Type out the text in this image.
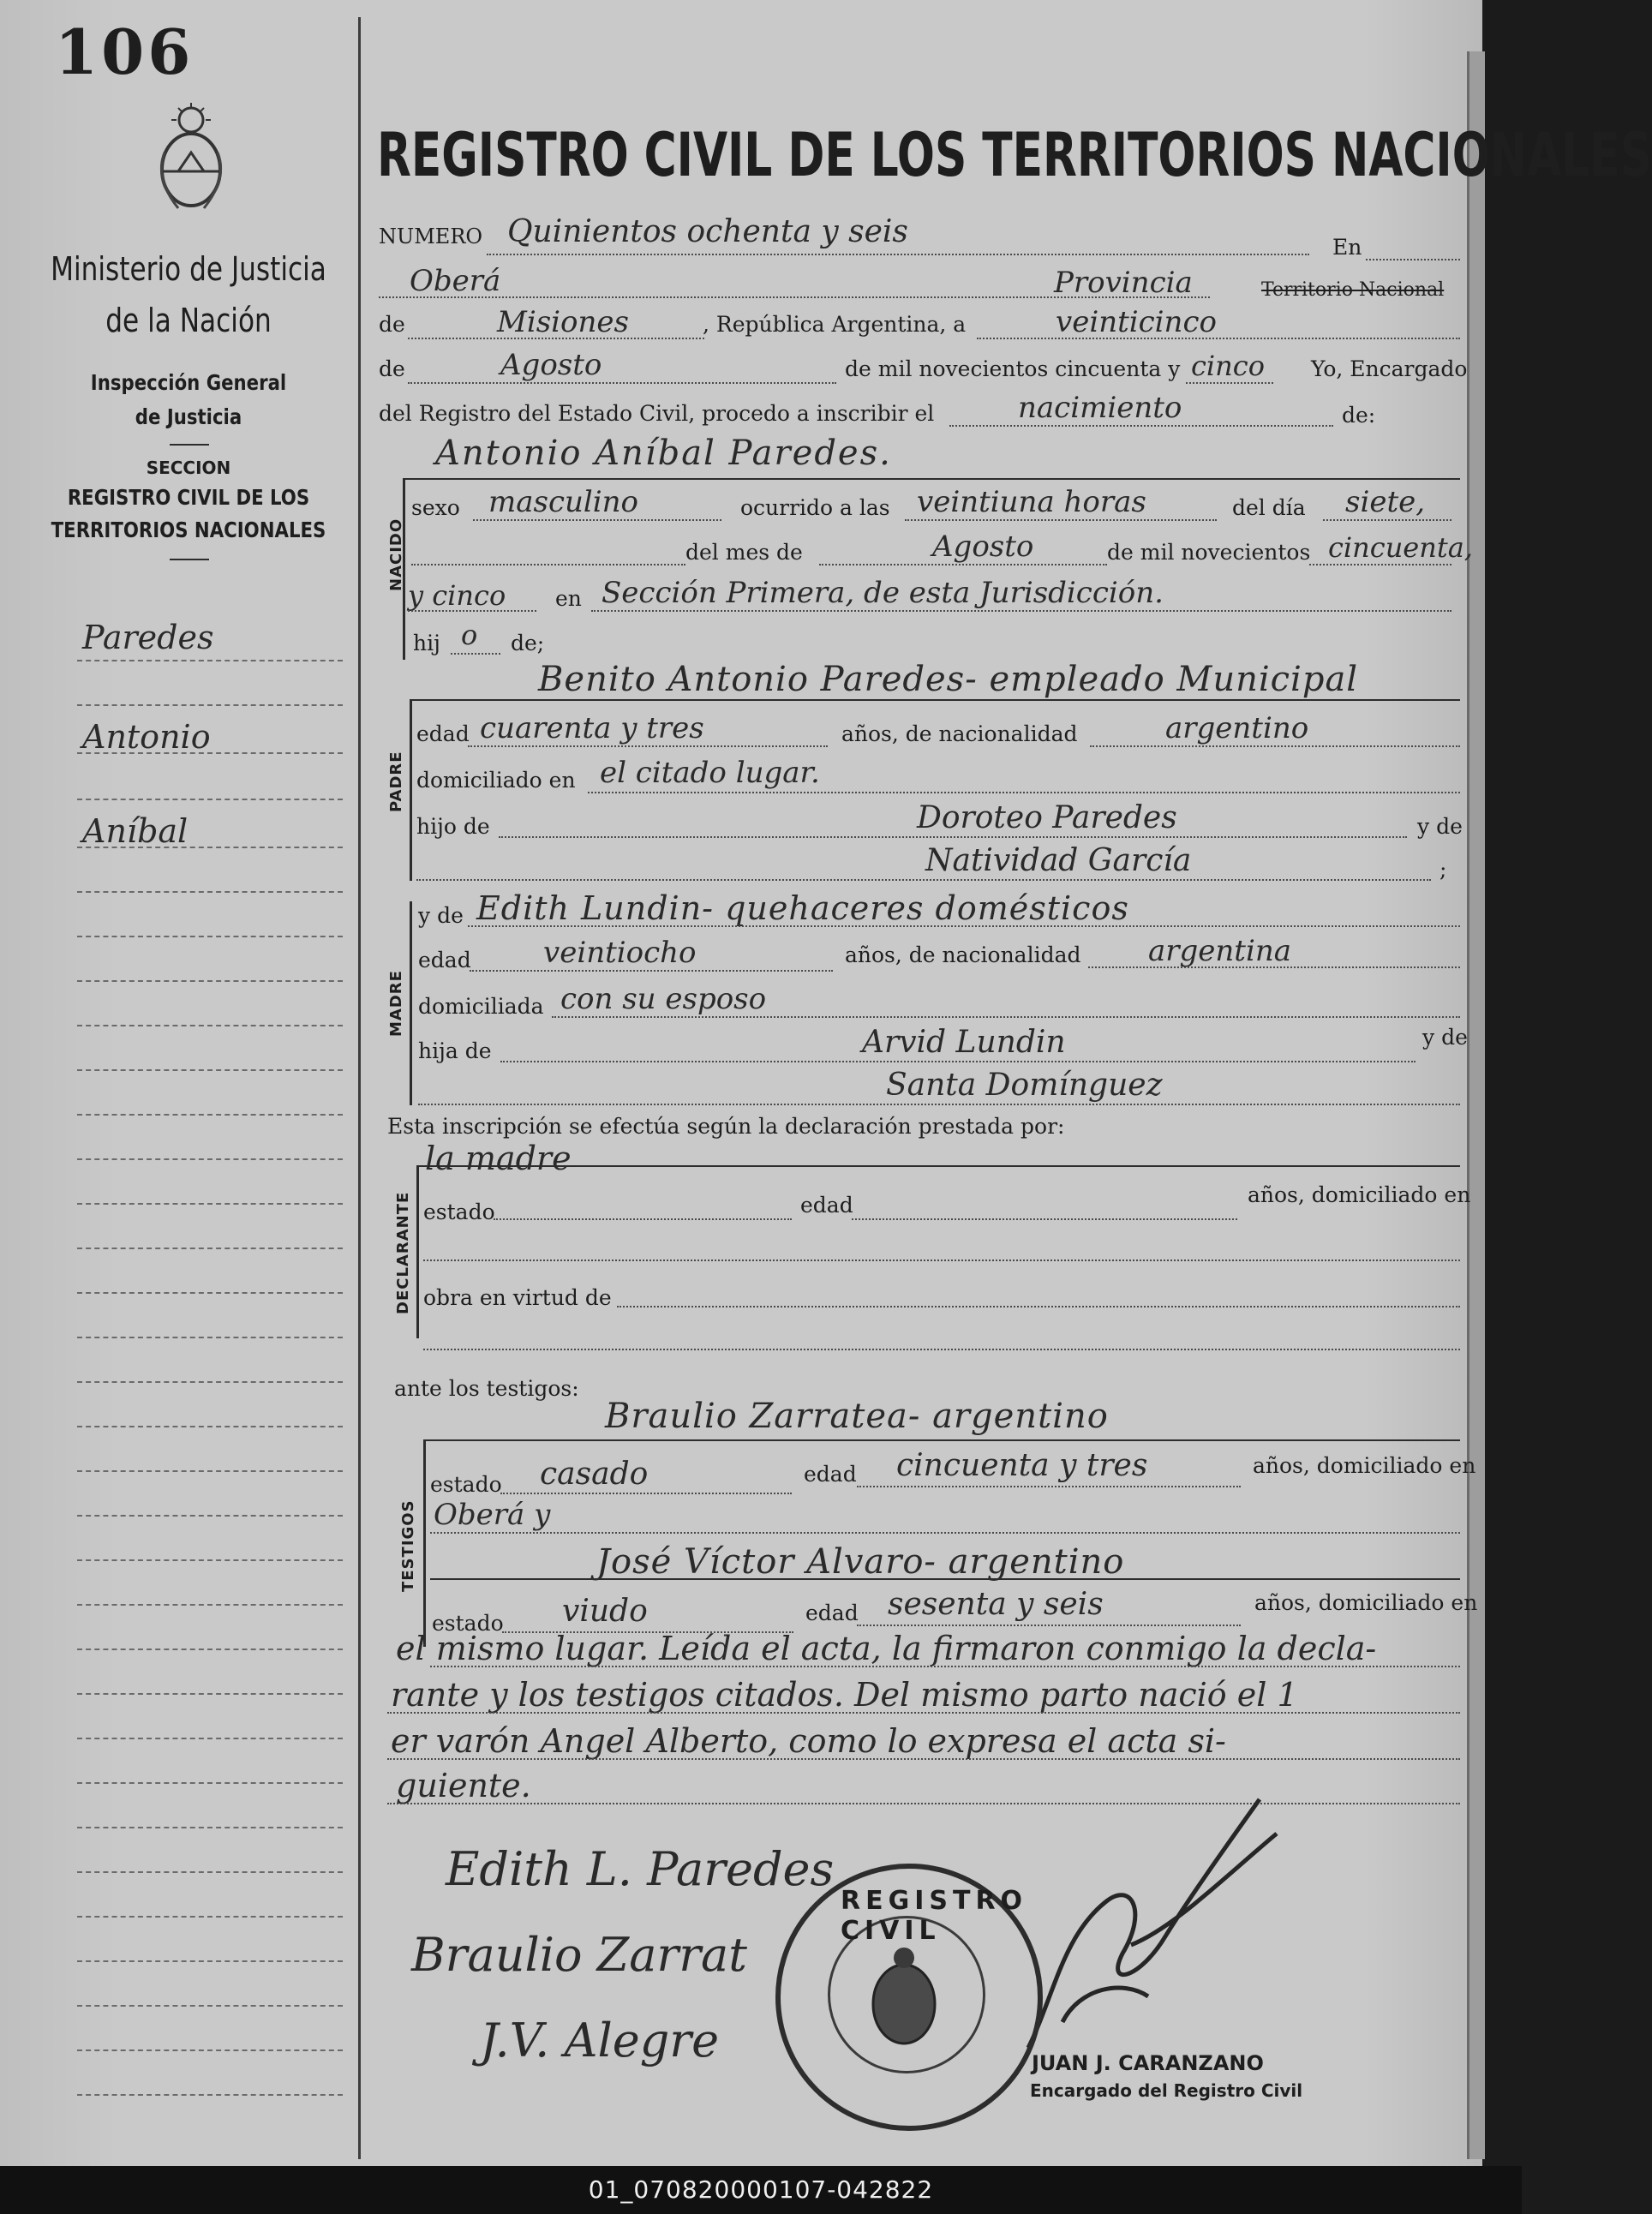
106
Ministerio de Justicia
de la Nación
Inspección General
de Justicia
SECCION
REGISTRO CIVIL DE LOS
TERRITORIOS NACIONALES
Paredes
Antonio
Aníbal
REGISTRO CIVIL DE LOS TERRITORIOS NACIONALES
NUMERO Quinientos ochenta y seis	En
Oberá	Provincia	Territorio Nacional
de	Misiones	, República Argentina, a	veinticinco
de	Agosto	de mil novecientos cincuenta y cinco Yo, Encargado
del Registro del Estado Civil, procedo a inscribir el	nacimiento	de:
Antonio Aníbal Paredes.
NACIDO
sexo masculino	ocurrido a las veintiuna horas	del día siete,
del mes de	Agosto	de mil novecientos cincuenta,
y cinco en Sección Primera, de esta Jurisdicción.
hij o de;
Benito Antonio Paredes- empleado Municipal
PADRE
edad cuarenta y tres	años, de nacionalidad	argentino
domiciliado en el citado lugar.
hijo de	Doroteo Paredes	y de
Natividad García	;
MADRE
y de Edith Lundin- quehaceres domésticos
edad veintiocho	años, de nacionalidad argentina
domiciliada con su esposo
hija de	Arvid Lundin	y de
Santa Domínguez
Esta inscripción se efectúa según la declaración prestada por:
la madre
DECLARANTE estado	edad	años, domiciliado en
obra en virtud de
ante los testigos:
Braulio Zarratea- argentino
TESTIGOS
estado casado	edad cincuenta y tres	años, domiciliado en
Oberá y
José Víctor Alvaro- argentino
estado viudo	edad sesenta y seis	años, domiciliado en
el mismo lugar. Leída el acta, la firmaron conmigo la decla-
rante y los testigos citados. Del mismo parto nació el 1
er varón Angel Alberto, como lo expresa el acta si-
guiente.
Edith L. Paredes
Braulio Zarrat
J.V. Alegre
REGISTRO CIVIL
JUAN J. CARANZANO
Encargado del Registro Civil
01_070820000107-042822
